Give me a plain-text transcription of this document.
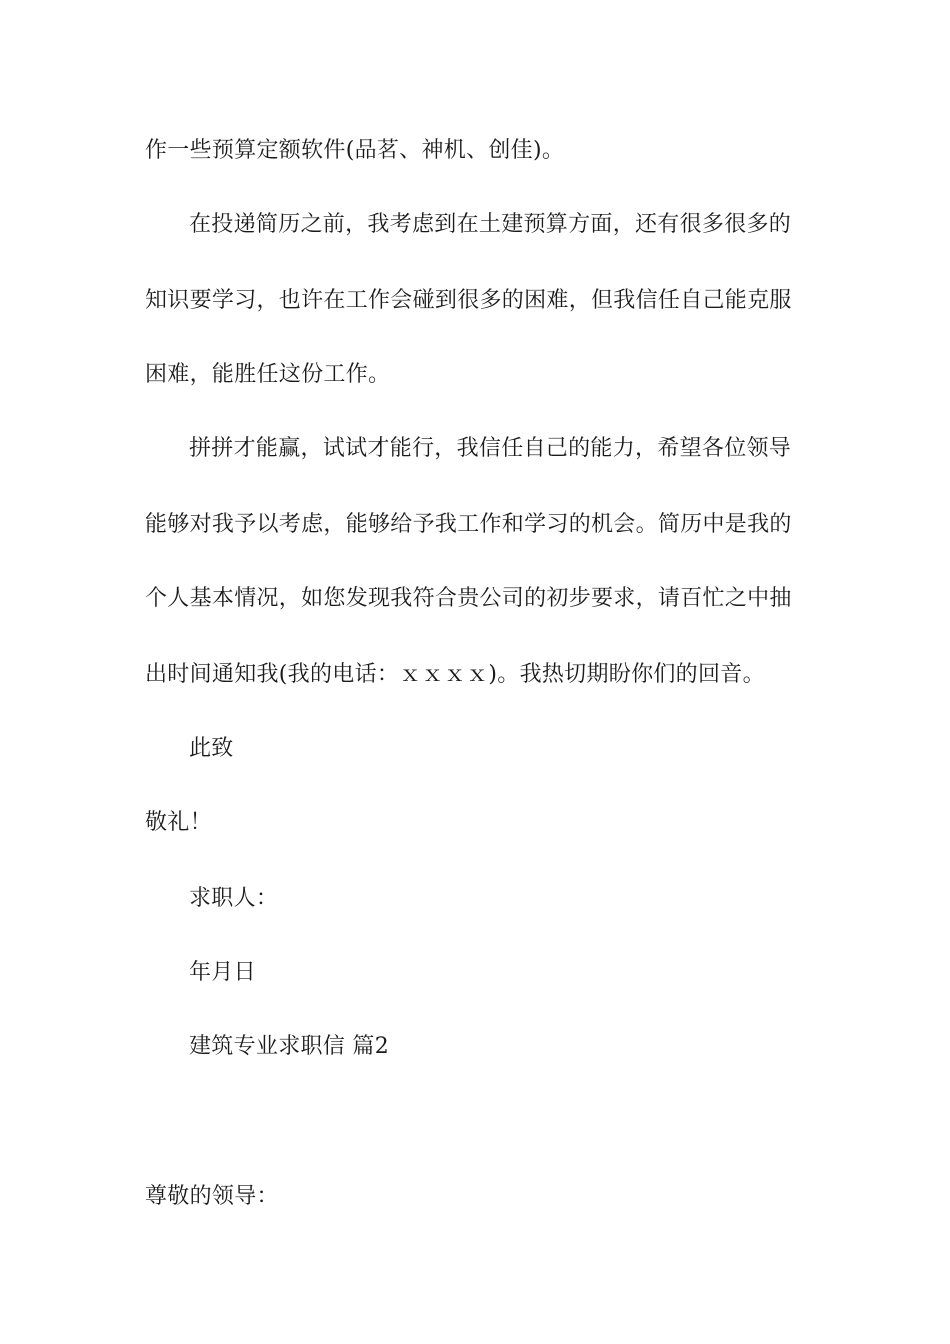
作一些预算定额软件(品茗、神机、创佳)。
在投递简历之前，我考虑到在土建预算方面，还有很多很多的
知识要学习，也许在工作会碰到很多的困难，但我信任自己能克服
困难，能胜任这份工作。
拼拼才能赢，试试才能行，我信任自己的能力，希望各位领导
能够对我予以考虑，能够给予我工作和学习的机会。简历中是我的
个人基本情况，如您发现我符合贵公司的初步要求，请百忙之中抽
出时间通知我(我的电话：ｘｘｘｘ)。我热切期盼你们的回音。
此致
敬礼！
求职人：
年月日
建筑专业求职信 篇2
尊敬的领导：
